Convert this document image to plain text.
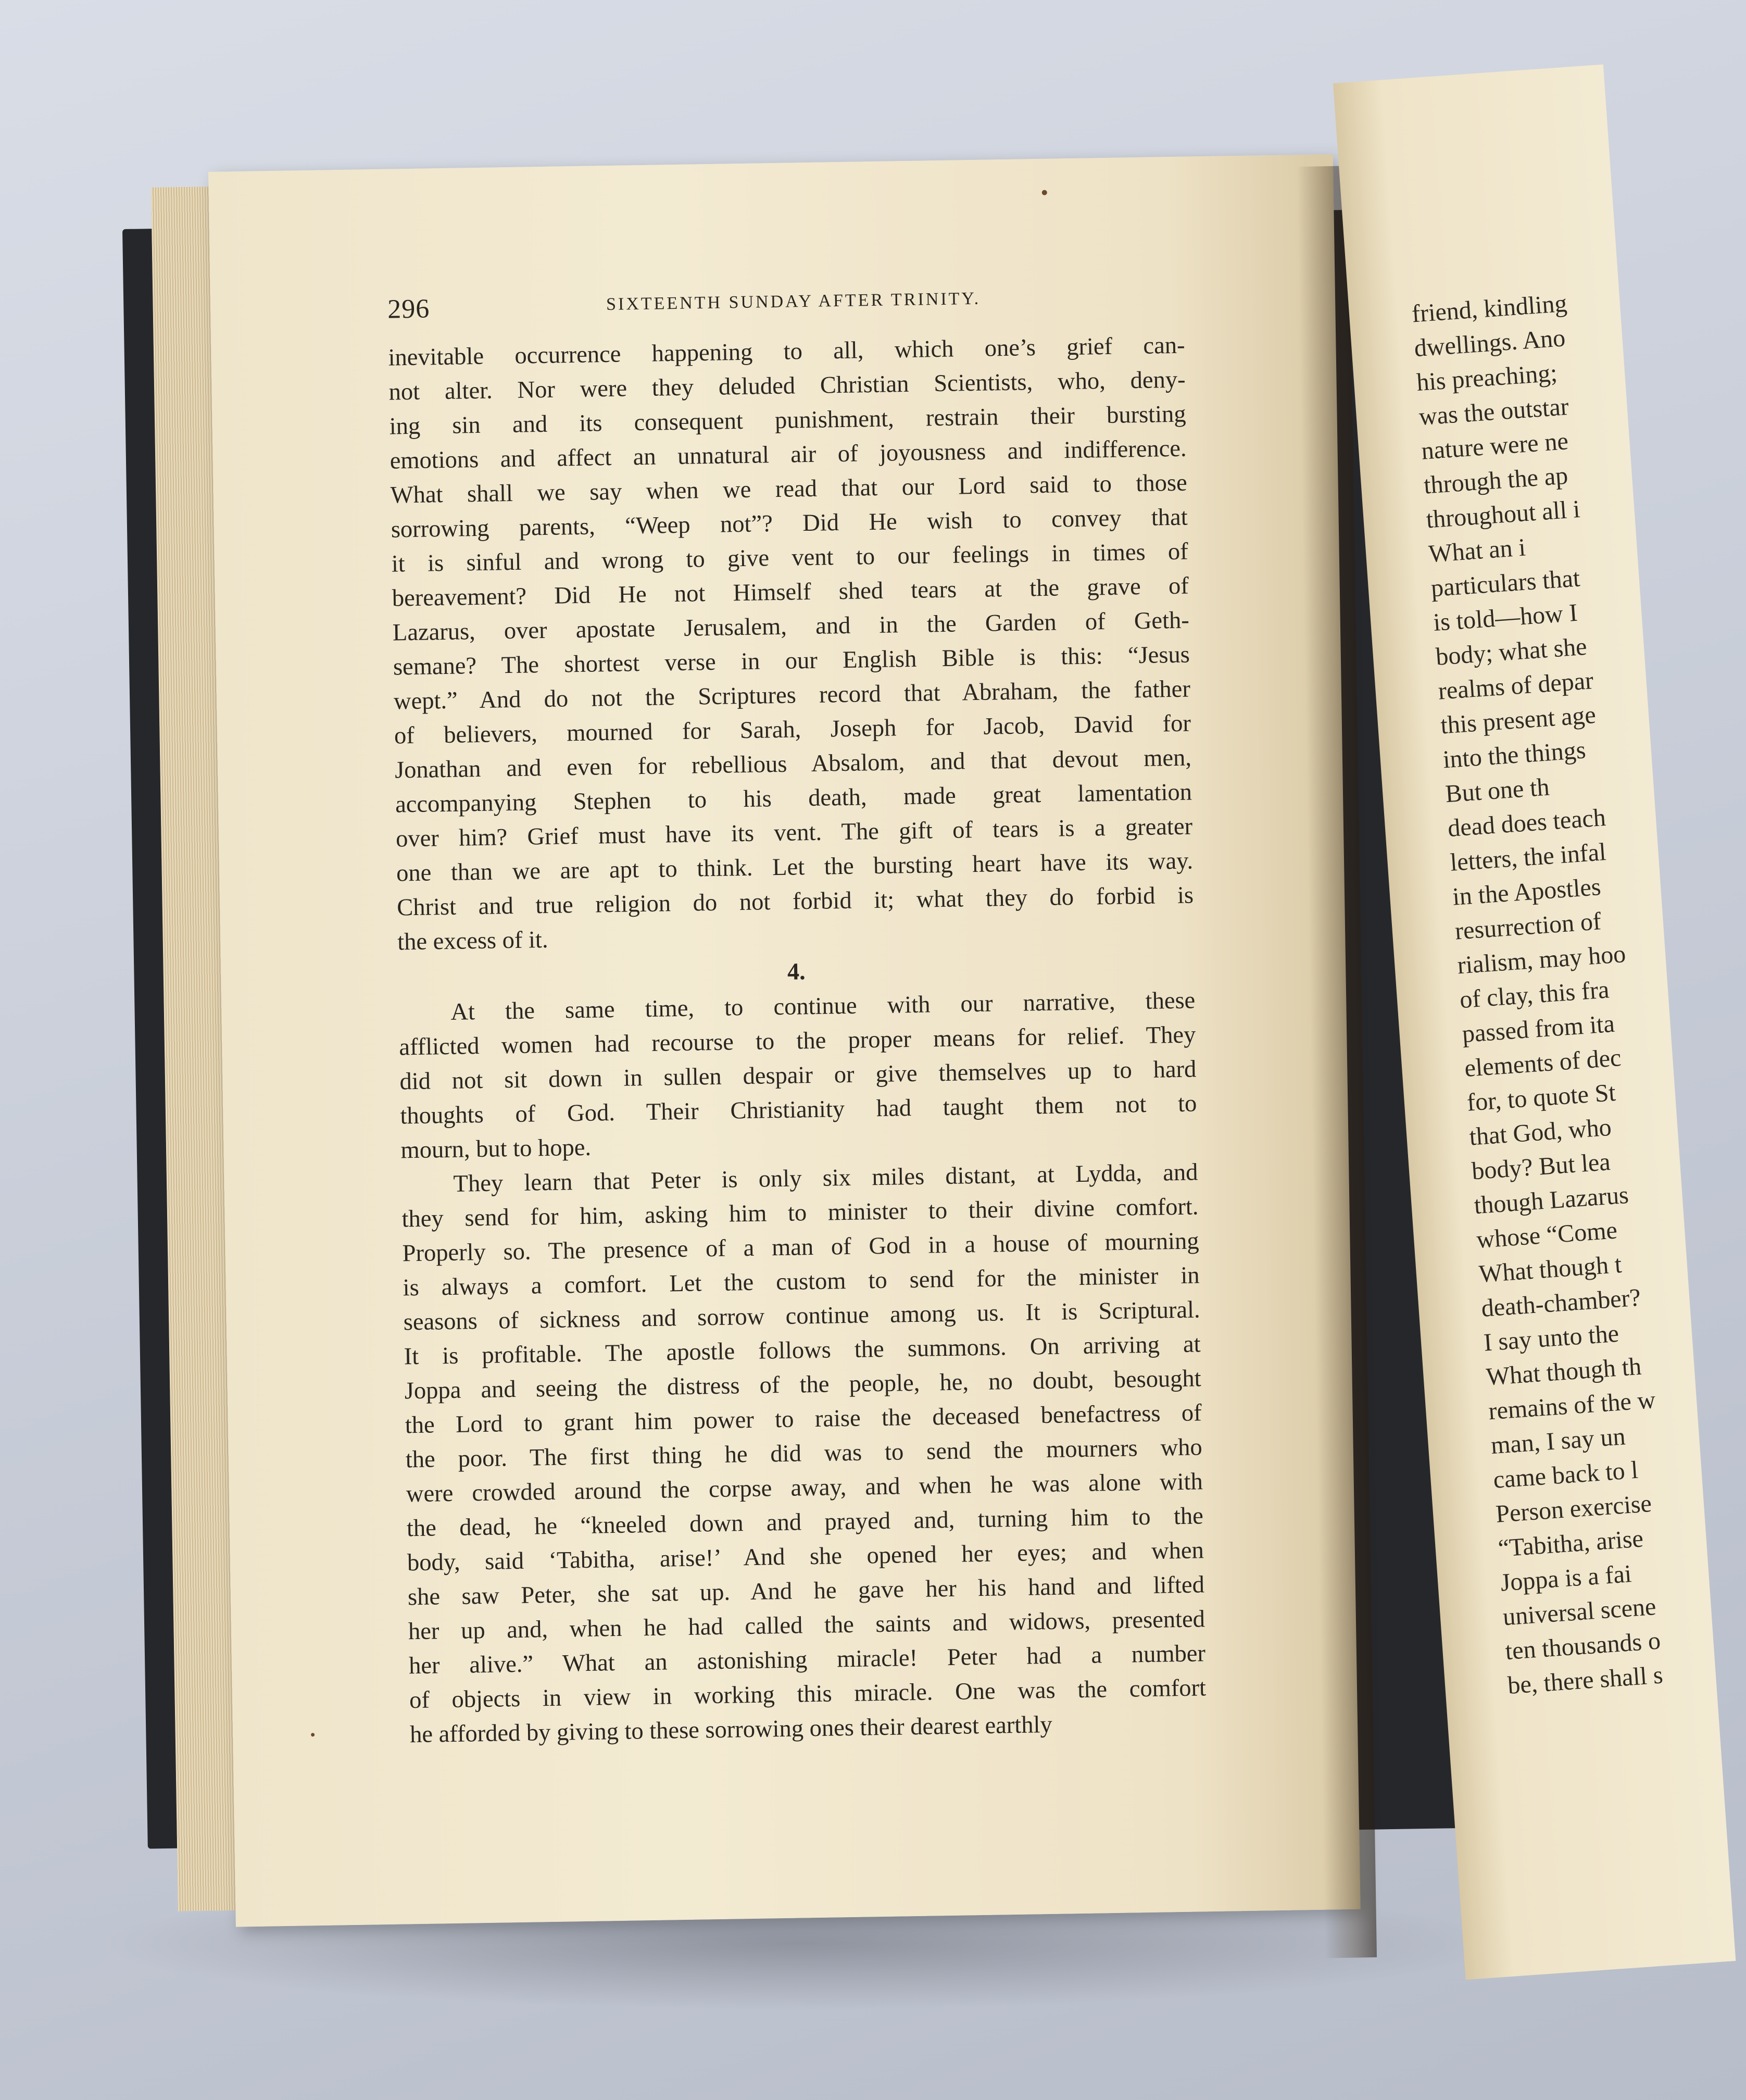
296	SIXTEENTH SUNDAY AFTER TRINITY.
inevitable occurrence happening to all, which one’s grief can-
not alter. Nor were they deluded Christian Scientists, who, deny-
ing sin and its consequent punishment, restrain their bursting
emotions and affect an unnatural air of joyousness and indifference.
What shall we say when we read that our Lord said to those
sorrowing parents, “Weep not”? Did He wish to convey that
it is sinful and wrong to give vent to our feelings in times of
bereavement? Did He not Himself shed tears at the grave of
Lazarus, over apostate Jerusalem, and in the Garden of Geth-
semane? The shortest verse in our English Bible is this: “Jesus
wept.” And do not the Scriptures record that Abraham, the father
of believers, mourned for Sarah, Joseph for Jacob, David for
Jonathan and even for rebellious Absalom, and that devout men,
accompanying Stephen to his death, made great lamentation
over him? Grief must have its vent. The gift of tears is a greater
one than we are apt to think. Let the bursting heart have its way.
Christ and true religion do not forbid it; what they do forbid is
the excess of it.
4.
At the same time, to continue with our narrative, these
afflicted women had recourse to the proper means for relief. They
did not sit down in sullen despair or give themselves up to hard
thoughts of God. Their Christianity had taught them not to
mourn, but to hope.
They learn that Peter is only six miles distant, at Lydda, and
they send for him, asking him to minister to their divine comfort.
Properly so. The presence of a man of God in a house of mourning
is always a comfort. Let the custom to send for the minister in
seasons of sickness and sorrow continue among us. It is Scriptural.
It is profitable. The apostle follows the summons. On arriving at
Joppa and seeing the distress of the people, he, no doubt, besought
the Lord to grant him power to raise the deceased benefactress of
the poor. The first thing he did was to send the mourners who
were crowded around the corpse away, and when he was alone with
the dead, he “kneeled down and prayed and, turning him to the
body, said ‘Tabitha, arise!’ And she opened her eyes; and when
she saw Peter, she sat up. And he gave her his hand and lifted
her up and, when he had called the saints and widows, presented
her alive.” What an astonishing miracle! Peter had a number
of objects in view in working this miracle. One was the comfort
he afforded by giving to these sorrowing ones their dearest earthly
friend, kindling
dwellings. Ano
his preaching;
was the outstar
nature were ne
through the ap
throughout all i
What an i
particulars that
is told—how I
body; what she
realms of depar
this present age
into the things
But one th
dead does teach
letters, the infal
in the Apostles
resurrection of
rialism, may hoo
of clay, this fra
passed from ita
elements of dec
for, to quote St
that God, who
body? But lea
though Lazarus
whose “Come
What though t
death-chamber?
I say unto the
What though th
remains of the w
man, I say un
came back to l
Person exercise
“Tabitha, arise
Joppa is a fai
universal scene
ten thousands o
be, there shall s
